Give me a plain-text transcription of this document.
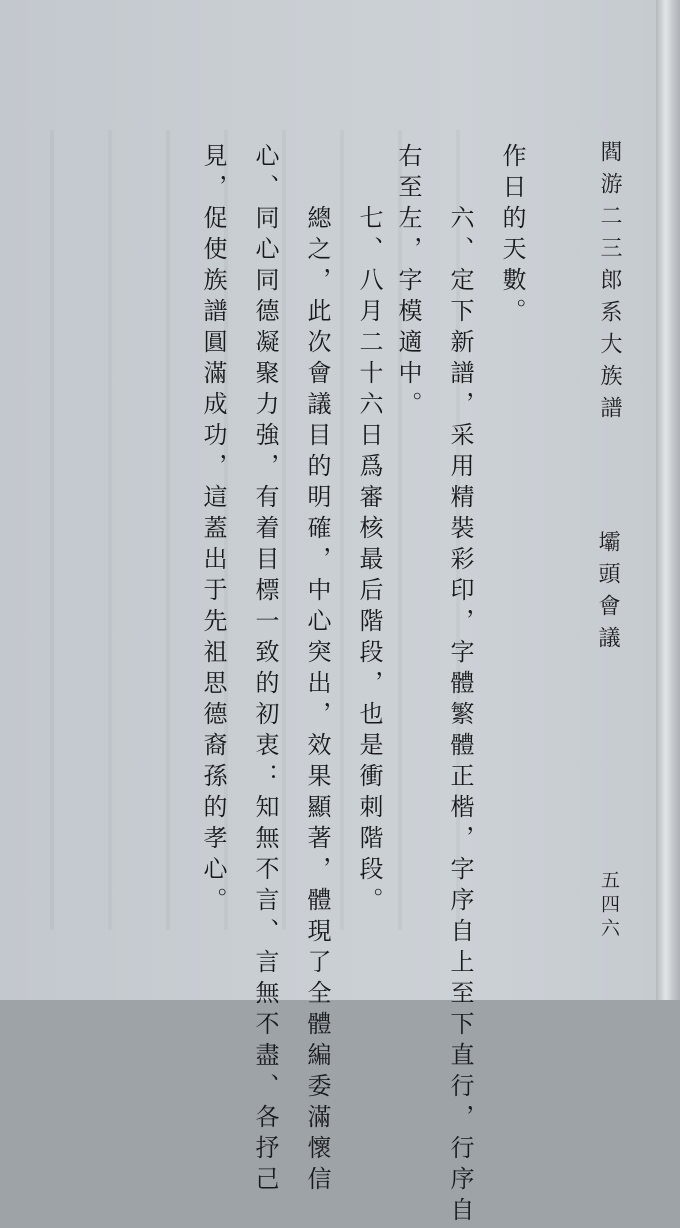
閻游二三郎系大族譜
壩頭會議
五四六
作日的天數。
六、定下新譜，采用精裝彩印，字體繁體正楷，字序自上至下直行，行序自
右至左，字模適中。
七、八月二十六日爲審核最后階段，也是衝刺階段。
總之，此次會議目的明確，中心突出，效果顯著，體現了全體編委滿懷信
心、同心同德凝聚力強，有着目標一致的初衷：知無不言、言無不盡、各抒己
見，促使族譜圓滿成功，這蓋出于先祖思德裔孫的孝心。
